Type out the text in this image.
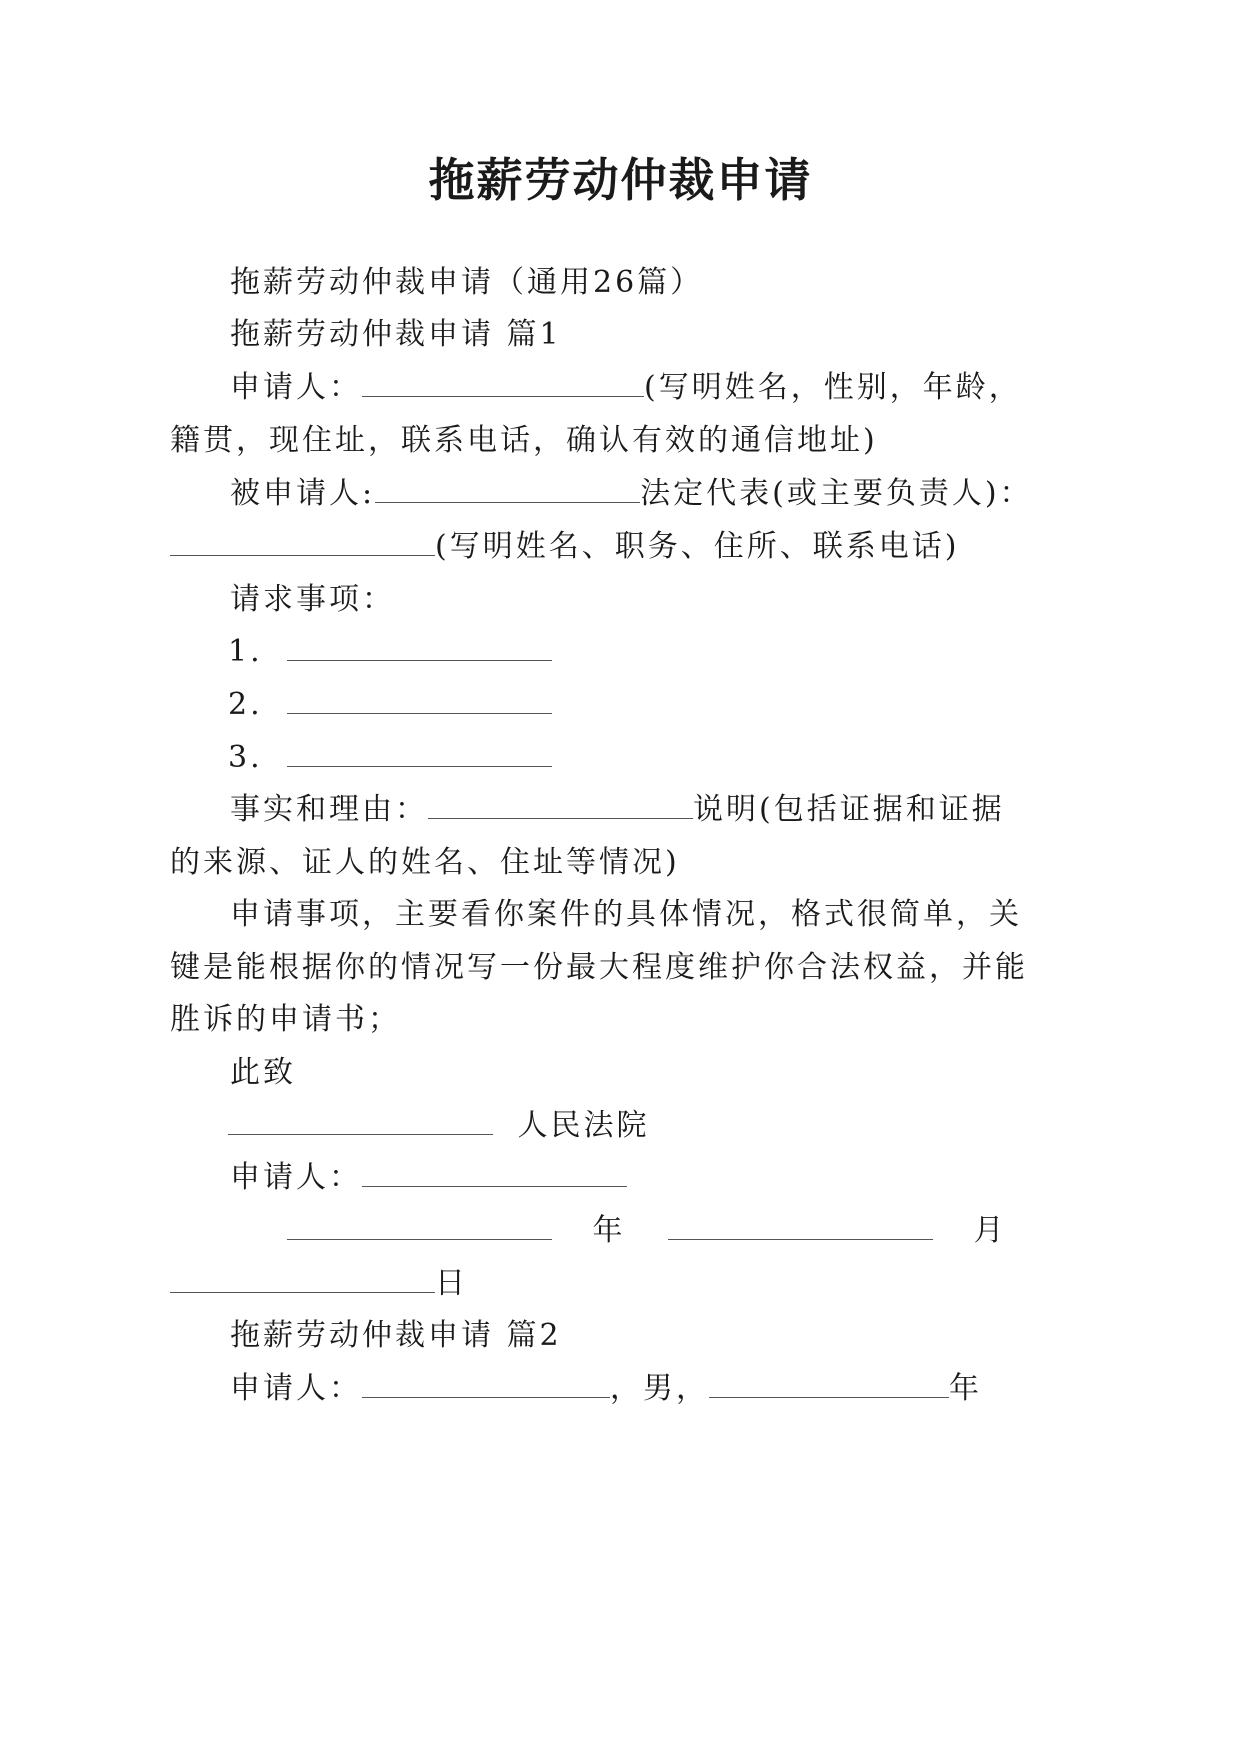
拖薪劳动仲裁申请
拖薪劳动仲裁申请（通用26篇）
拖薪劳动仲裁申请 篇1
申请人：	(写明姓名，性别，年龄，
籍贯，现住址，联系电话，确认有效的通信地址)
被申请人:	法定代表(或主要负责人)：
(写明姓名、职务、住所、联系电话)
请求事项：
1.
2.
3.
事实和理由：	说明(包括证据和证据
的来源、证人的姓名、住址等情况)
申请事项，主要看你案件的具体情况，格式很简单，关
键是能根据你的情况写一份最大程度维护你合法权益，并能
胜诉的申请书；
此致
人民法院
申请人：
年	月
日
拖薪劳动仲裁申请 篇2
申请人：	，男，	年
